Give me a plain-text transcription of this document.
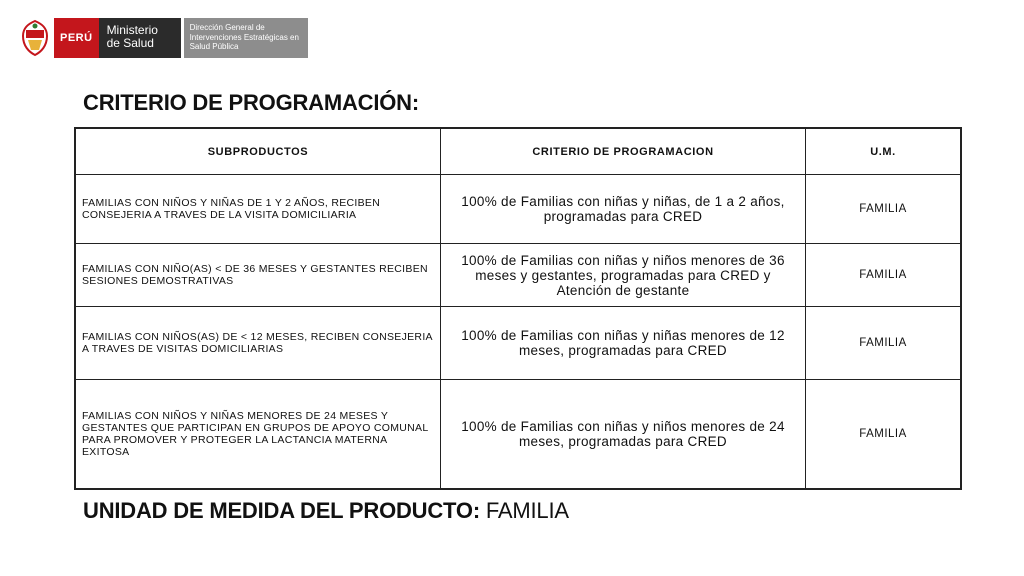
PERÚ
Ministerio de Salud
Dirección General de Intervenciones Estratégicas en Salud Pública
CRITERIO DE PROGRAMACIÓN:
SUBPRODUCTOS	CRITERIO DE PROGRAMACION	U.M.
FAMILIAS CON NIÑOS Y NIÑAS DE 1 Y 2 AÑOS, RECIBEN CONSEJERIA A TRAVES DE LA VISITA DOMICILIARIA	100% de Familias con niñas y niñas, de 1 a 2 años, programadas para CRED	FAMILIA
FAMILIAS CON NIÑO(AS) < DE 36 MESES Y GESTANTES RECIBEN SESIONES DEMOSTRATIVAS	100% de Familias con niñas y niños menores de 36 meses y gestantes, programadas para CRED y Atención de gestante	FAMILIA
FAMILIAS CON NIÑOS(AS) DE < 12 MESES, RECIBEN CONSEJERIA A TRAVES DE VISITAS DOMICILIARIAS	100% de Familias con niñas y niñas menores de 12 meses, programadas para CRED	FAMILIA
FAMILIAS CON NIÑOS Y NIÑAS MENORES DE 24 MESES Y GESTANTES QUE PARTICIPAN EN GRUPOS DE APOYO COMUNAL PARA PROMOVER Y PROTEGER LA LACTANCIA MATERNA EXITOSA	100% de Familias con niñas y niños menores de 24 meses, programadas para CRED	FAMILIA

UNIDAD DE MEDIDA DEL PRODUCTO: FAMILIA
